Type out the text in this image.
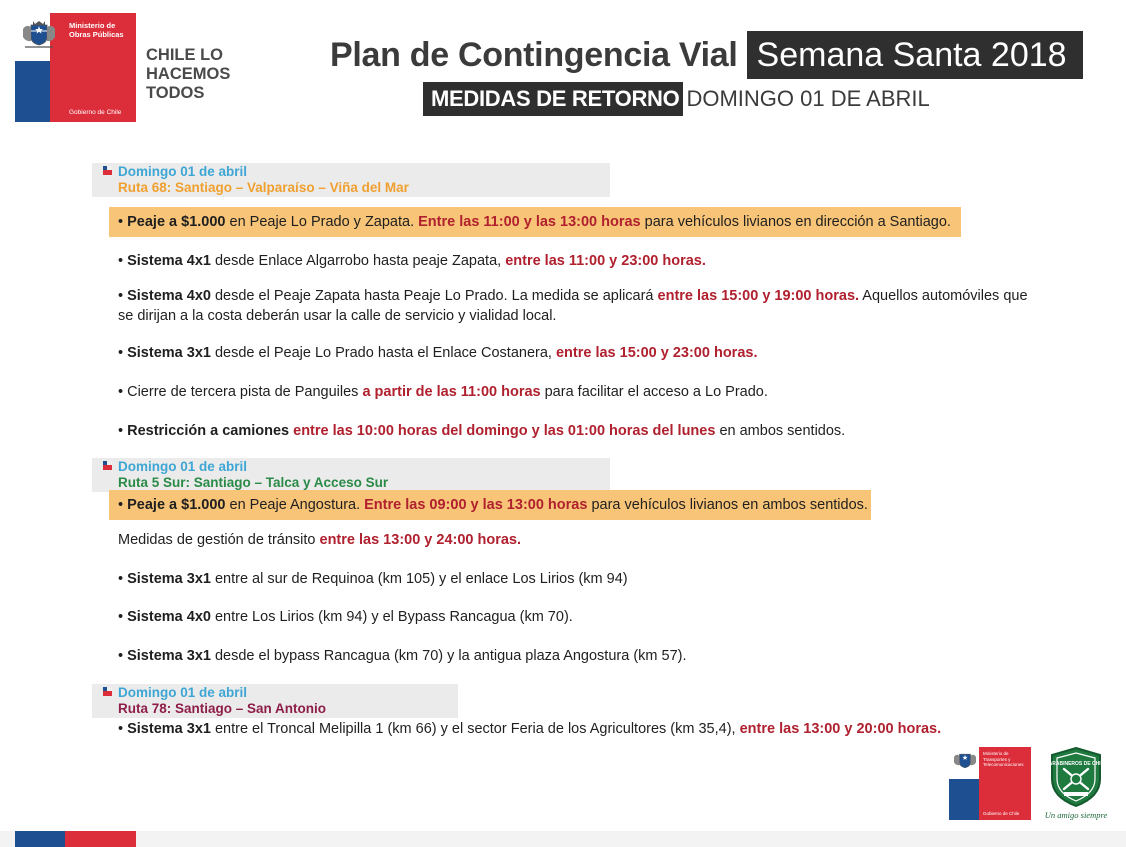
Ministerio de
Obras Públicas
Gobierno de Chile
CHILE LO
HACEMOS
TODOS
Plan de Contingencia Vial Semana Santa 2018
MEDIDAS DE RETORNO DOMINGO 01 DE ABRIL
Domingo 01 de abril
Ruta 68: Santiago – Valparaíso – Viña del Mar
• Peaje a $1.000 en Peaje Lo Prado y Zapata. Entre las 11:00 y las 13:00 horas para vehículos livianos en dirección a Santiago.
• Sistema 4x1 desde Enlace Algarrobo hasta peaje Zapata, entre las 11:00 y 23:00 horas.
• Sistema 4x0 desde el Peaje Zapata hasta Peaje Lo Prado. La medida se aplicará entre las 15:00 y 19:00 horas. Aquellos automóviles que se dirijan a la costa deberán usar la calle de servicio y vialidad local.
• Sistema 3x1 desde el Peaje Lo Prado hasta el Enlace Costanera, entre las 15:00 y 23:00 horas.
• Cierre de tercera pista de Panguiles a partir de las 11:00 horas para facilitar el acceso a Lo Prado.
• Restricción a camiones entre las 10:00 horas del domingo y las 01:00 horas del lunes en ambos sentidos.
Domingo 01 de abril
Ruta 5 Sur: Santiago – Talca y Acceso Sur
• Peaje a $1.000 en Peaje Angostura. Entre las 09:00 y las 13:00 horas para vehículos livianos en ambos sentidos.
Medidas de gestión de tránsito entre las 13:00 y 24:00 horas.
• Sistema 3x1 entre al sur de Requinoa (km 105) y el enlace Los Lirios (km 94)
• Sistema 4x0 entre Los Lirios (km 94) y el Bypass Rancagua (km 70).
• Sistema 3x1 desde el bypass Rancagua (km 70) y la antigua plaza Angostura (km 57).
Domingo 01 de abril
Ruta 78: Santiago – San Antonio
• Sistema 3x1 entre el Troncal Melipilla 1 (km 66) y el sector Feria de los Agricultores (km 35,4), entre las 13:00 y 20:00 horas.
Ministerio de
Transportes y
Telecomunicaciones
Gobierno de Chile
CARABINEROS DE CHILE
Un amigo siempre
